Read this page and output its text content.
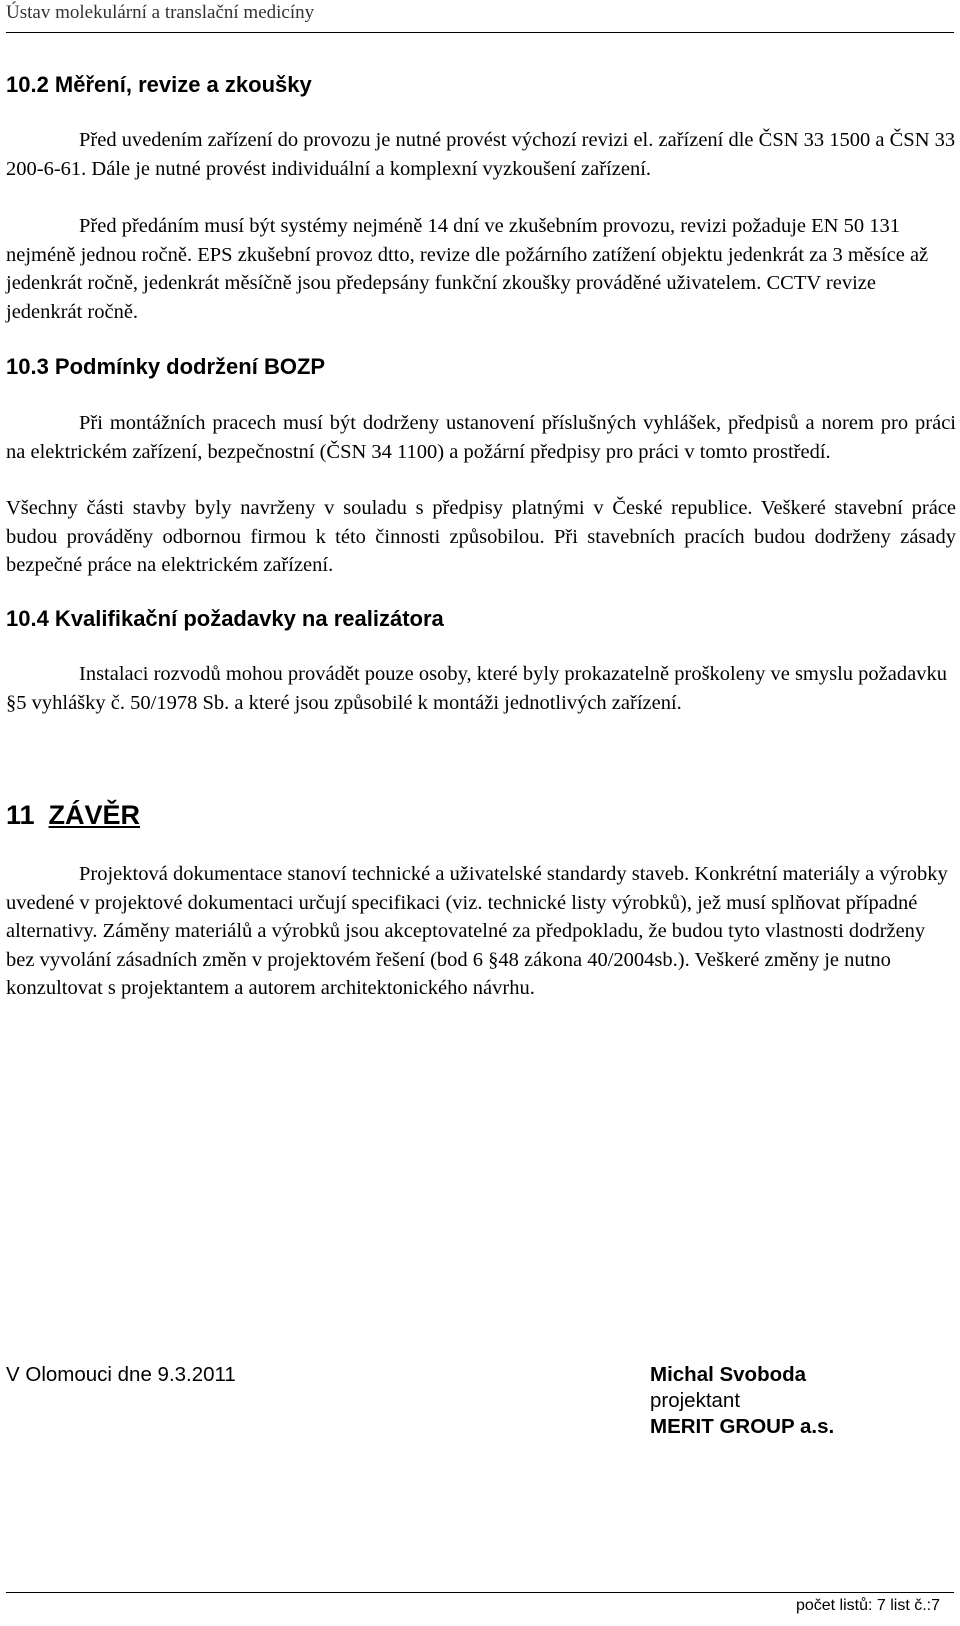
Ústav molekulární a translační medicíny
10.2 Měření, revize a zkoušky
Před uvedením zařízení do provozu je nutné provést výchozí revizi el. zařízení dle ČSN 33 1500 a ČSN 33 200-6-61. Dále je nutné provést individuální a komplexní vyzkoušení zařízení.
Před předáním musí být systémy nejméně 14 dní ve zkušebním provozu, revizi požaduje EN 50 131 nejméně jednou ročně. EPS zkušební provoz dtto, revize dle požárního zatížení objektu jedenkrát za 3 měsíce až jedenkrát ročně, jedenkrát měsíčně jsou předepsány funkční zkoušky prováděné uživatelem. CCTV revize jedenkrát ročně.
10.3 Podmínky dodržení BOZP
Při montážních pracech musí být dodrženy ustanovení příslušných vyhlášek, předpisů a norem pro práci na elektrickém zařízení, bezpečnostní (ČSN 34 1100) a požární předpisy pro práci v tomto prostředí.
Všechny části stavby byly navrženy v souladu s předpisy platnými v České republice. Veškeré stavební práce budou prováděny odbornou firmou k této činnosti způsobilou. Při stavebních pracích budou dodrženy zásady bezpečné práce na elektrickém zařízení.
10.4 Kvalifikační požadavky na realizátora
Instalaci rozvodů mohou provádět pouze osoby, které byly prokazatelně proškoleny ve smyslu požadavku §5 vyhlášky č. 50/1978 Sb. a které jsou způsobilé k montáži jednotlivých zařízení.
11 ZÁVĚR
Projektová dokumentace stanoví technické a uživatelské standardy staveb. Konkrétní materiály a výrobky uvedené v projektové dokumentaci určují specifikaci (viz. technické listy výrobků), jež musí splňovat případné alternativy. Záměny materiálů a výrobků jsou akceptovatelné za předpokladu, že budou tyto vlastnosti dodrženy bez vyvolání zásadních změn v projektovém řešení (bod 6 §48 zákona 40/2004sb.). Veškeré změny je nutno konzultovat s projektantem a autorem architektonického návrhu.
V Olomouci dne 9.3.2011	Michal Svoboda
projektant
MERIT GROUP a.s.
počet listů: 7 list č.:7
